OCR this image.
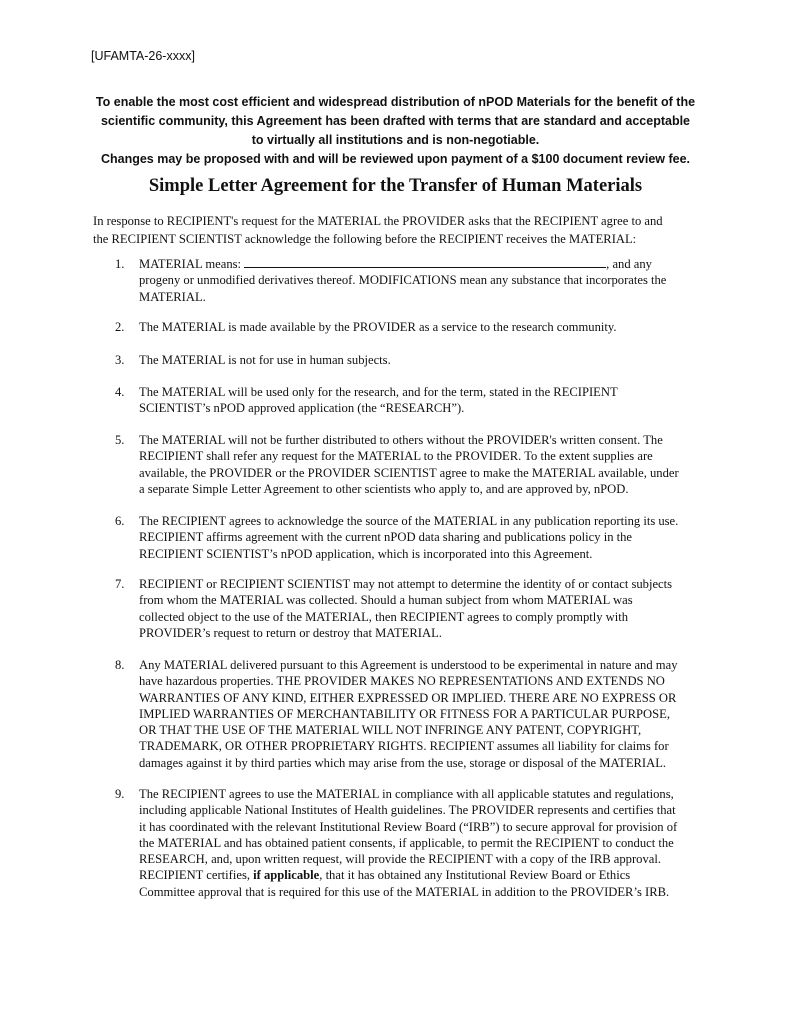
[UFAMTA-26-xxxx]
To enable the most cost efficient and widespread distribution of nPOD Materials for the benefit of the
scientific community, this Agreement has been drafted with terms that are standard and acceptable
to virtually all institutions and is non-negotiable.
Changes may be proposed with and will be reviewed upon payment of a $100 document review fee.
Simple Letter Agreement for the Transfer of Human Materials
In response to RECIPIENT's request for the MATERIAL the PROVIDER asks that the RECIPIENT agree to and
the RECIPIENT SCIENTIST acknowledge the following before the RECIPIENT receives the MATERIAL:
1. MATERIAL means:	, and any
progeny or unmodified derivatives thereof. MODIFICATIONS mean any substance that incorporates the
MATERIAL.
2. The MATERIAL is made available by the PROVIDER as a service to the research community.
3. The MATERIAL is not for use in human subjects.
4. The MATERIAL will be used only for the research, and for the term, stated in the RECIPIENT
SCIENTIST’s nPOD approved application (the “RESEARCH”).
5. The MATERIAL will not be further distributed to others without the PROVIDER's written consent. The
RECIPIENT shall refer any request for the MATERIAL to the PROVIDER. To the extent supplies are
available, the PROVIDER or the PROVIDER SCIENTIST agree to make the MATERIAL available, under
a separate Simple Letter Agreement to other scientists who apply to, and are approved by, nPOD.
6. The RECIPIENT agrees to acknowledge the source of the MATERIAL in any publication reporting its use.
RECIPIENT affirms agreement with the current nPOD data sharing and publications policy in the
RECIPIENT SCIENTIST’s nPOD application, which is incorporated into this Agreement.
7. RECIPIENT or RECIPIENT SCIENTIST may not attempt to determine the identity of or contact subjects
from whom the MATERIAL was collected. Should a human subject from whom MATERIAL was
collected object to the use of the MATERIAL, then RECIPIENT agrees to comply promptly with
PROVIDER’s request to return or destroy that MATERIAL.
8. Any MATERIAL delivered pursuant to this Agreement is understood to be experimental in nature and may
have hazardous properties. THE PROVIDER MAKES NO REPRESENTATIONS AND EXTENDS NO
WARRANTIES OF ANY KIND, EITHER EXPRESSED OR IMPLIED. THERE ARE NO EXPRESS OR
IMPLIED WARRANTIES OF MERCHANTABILITY OR FITNESS FOR A PARTICULAR PURPOSE,
OR THAT THE USE OF THE MATERIAL WILL NOT INFRINGE ANY PATENT, COPYRIGHT,
TRADEMARK, OR OTHER PROPRIETARY RIGHTS. RECIPIENT assumes all liability for claims for
damages against it by third parties which may arise from the use, storage or disposal of the MATERIAL.
9. The RECIPIENT agrees to use the MATERIAL in compliance with all applicable statutes and regulations,
including applicable National Institutes of Health guidelines. The PROVIDER represents and certifies that
it has coordinated with the relevant Institutional Review Board (“IRB”) to secure approval for provision of
the MATERIAL and has obtained patient consents, if applicable, to permit the RECIPIENT to conduct the
RESEARCH, and, upon written request, will provide the RECIPIENT with a copy of the IRB approval.
RECIPIENT certifies, if applicable, that it has obtained any Institutional Review Board or Ethics
Committee approval that is required for this use of the MATERIAL in addition to the PROVIDER’s IRB.
